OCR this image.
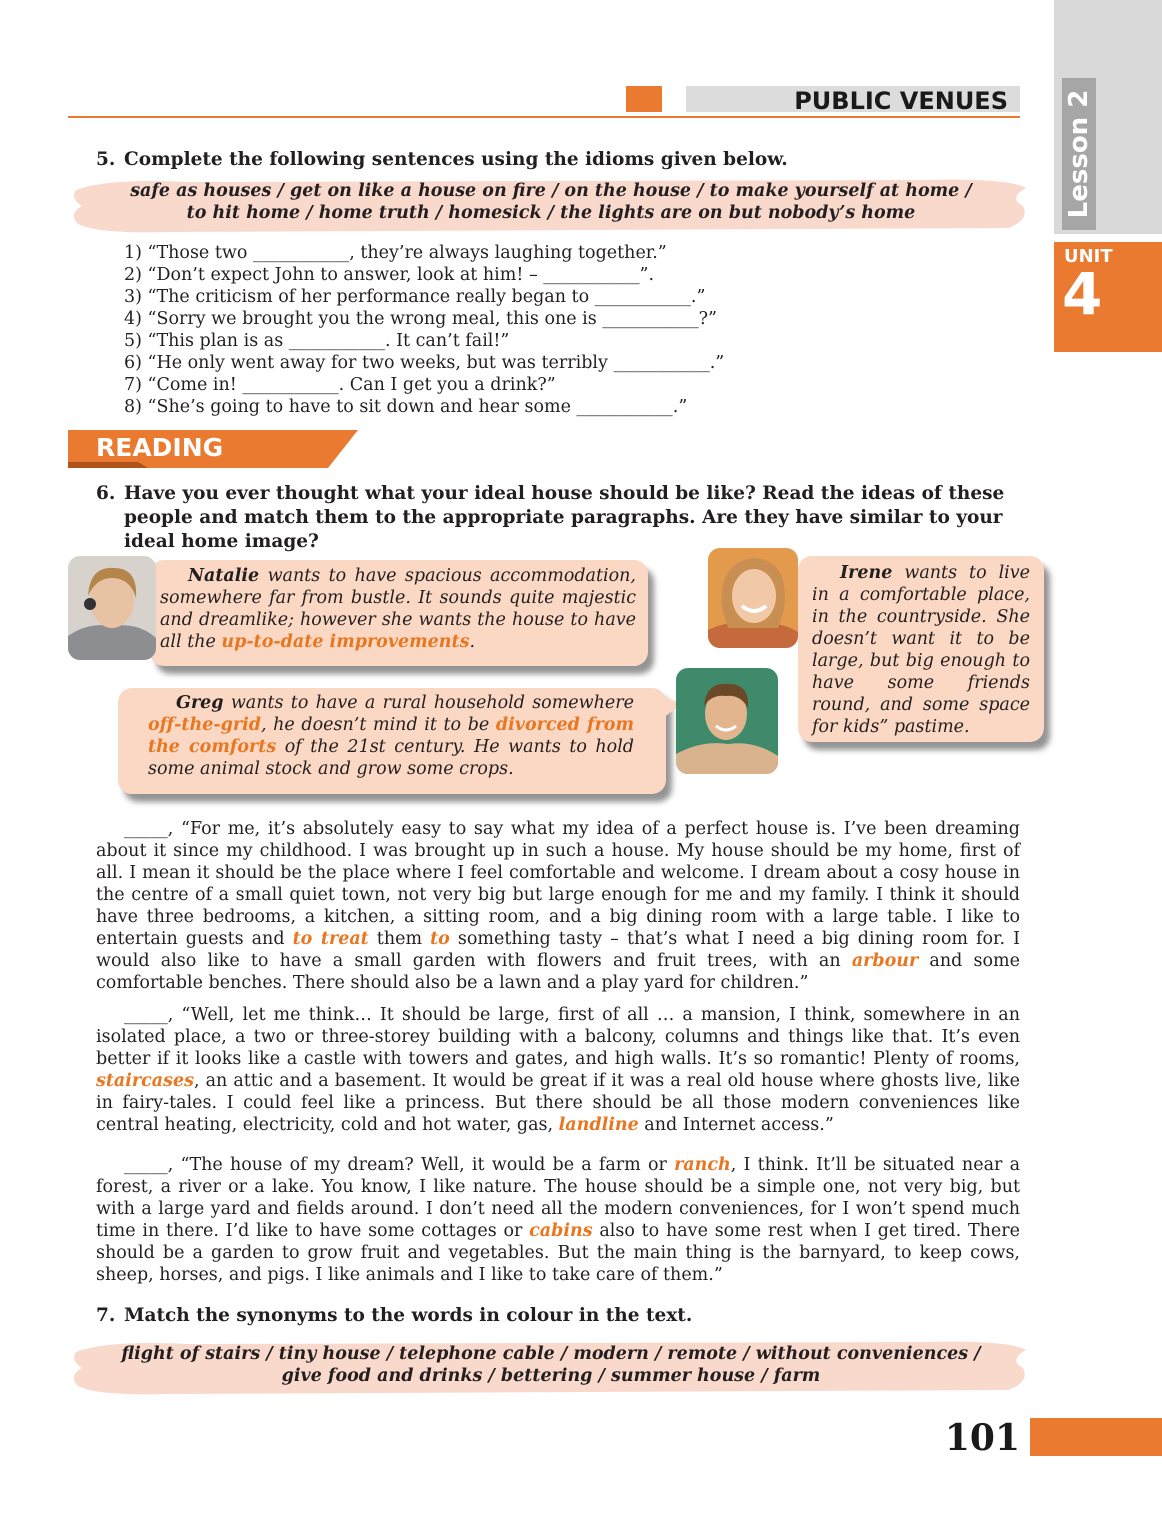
PUBLIC VENUES Lesson 2
UNIT
4
5. Complete the following sentences using the idioms given below.
safe as houses / get on like a house on fire / on the house / to make yourself at home /
to hit home / home truth / homesick / the lights are on but nobody’s home
1) “Those two ___________, they’re always laughing together.”
2) “Don’t expect John to answer, look at him! – ___________”.
3) “The criticism of her performance really began to ___________.”
4) “Sorry we brought you the wrong meal, this one is ___________?”
5) “This plan is as ___________. It can’t fail!”
6) “He only went away for two weeks, but was terribly ___________.”
7) “Come in! ___________. Can I get you a drink?”
8) “She’s going to have to sit down and hear some ___________.”
READING
6. Have you ever thought what your ideal house should be like? Read the ideas of these
people and match them to the appropriate paragraphs. Are they have similar to your
ideal home image?
Natalie wants to have spacious accommodation, somewhere far from bustle. It sounds quite majestic and dreamlike; however she wants the house to have all the up-to-date improvements.
Irene wants to live in a comfortable place, in the countryside. She doesn’t want it to be large, but big enough to have some friends round, and some space for kids” pastime.
Greg wants to have a rural household somewhere off-the-grid, he doesn’t mind it to be divorced from the comforts of the 21st century. He wants to hold some animal stock and grow some crops.
_____, “For me, it’s absolutely easy to say what my idea of a perfect house is. I’ve been dreaming about it since my childhood. I was brought up in such a house. My house should be my home, first of all. I mean it should be the place where I feel comfortable and welcome. I dream about a cosy house in the centre of a small quiet town, not very big but large enough for me and my family. I think it should have three bedrooms, a kitchen, a sitting room, and a big dining room with a large table. I like to entertain guests and to treat them to something tasty – that’s what I need a big dining room for. I would also like to have a small garden with flowers and fruit trees, with an arbour and some comfortable benches. There should also be a lawn and a play yard for children.”
_____, “Well, let me think… It should be large, first of all … a mansion, I think, somewhere in an isolated place, a two or three-storey building with a balcony, columns and things like that. It’s even better if it looks like a castle with towers and gates, and high walls. It’s so romantic! Plenty of rooms, staircases, an attic and a basement. It would be great if it was a real old house where ghosts live, like in fairy-tales. I could feel like a princess. But there should be all those modern conveniences like central heating, electricity, cold and hot water, gas, landline and Internet access.”
_____, “The house of my dream? Well, it would be a farm or ranch, I think. It’ll be situated near a forest, a river or a lake. You know, I like nature. The house should be a simple one, not very big, but with a large yard and fields around. I don’t need all the modern conveniences, for I won’t spend much time in there. I’d like to have some cottages or cabins also to have some rest when I get tired. There should be a garden to grow fruit and vegetables. But the main thing is the barnyard, to keep cows, sheep, horses, and pigs. I like animals and I like to take care of them.”
7. Match the synonyms to the words in colour in the text.
flight of stairs / tiny house / telephone cable / modern / remote / without conveniences /
give food and drinks / bettering / summer house / farm
101
